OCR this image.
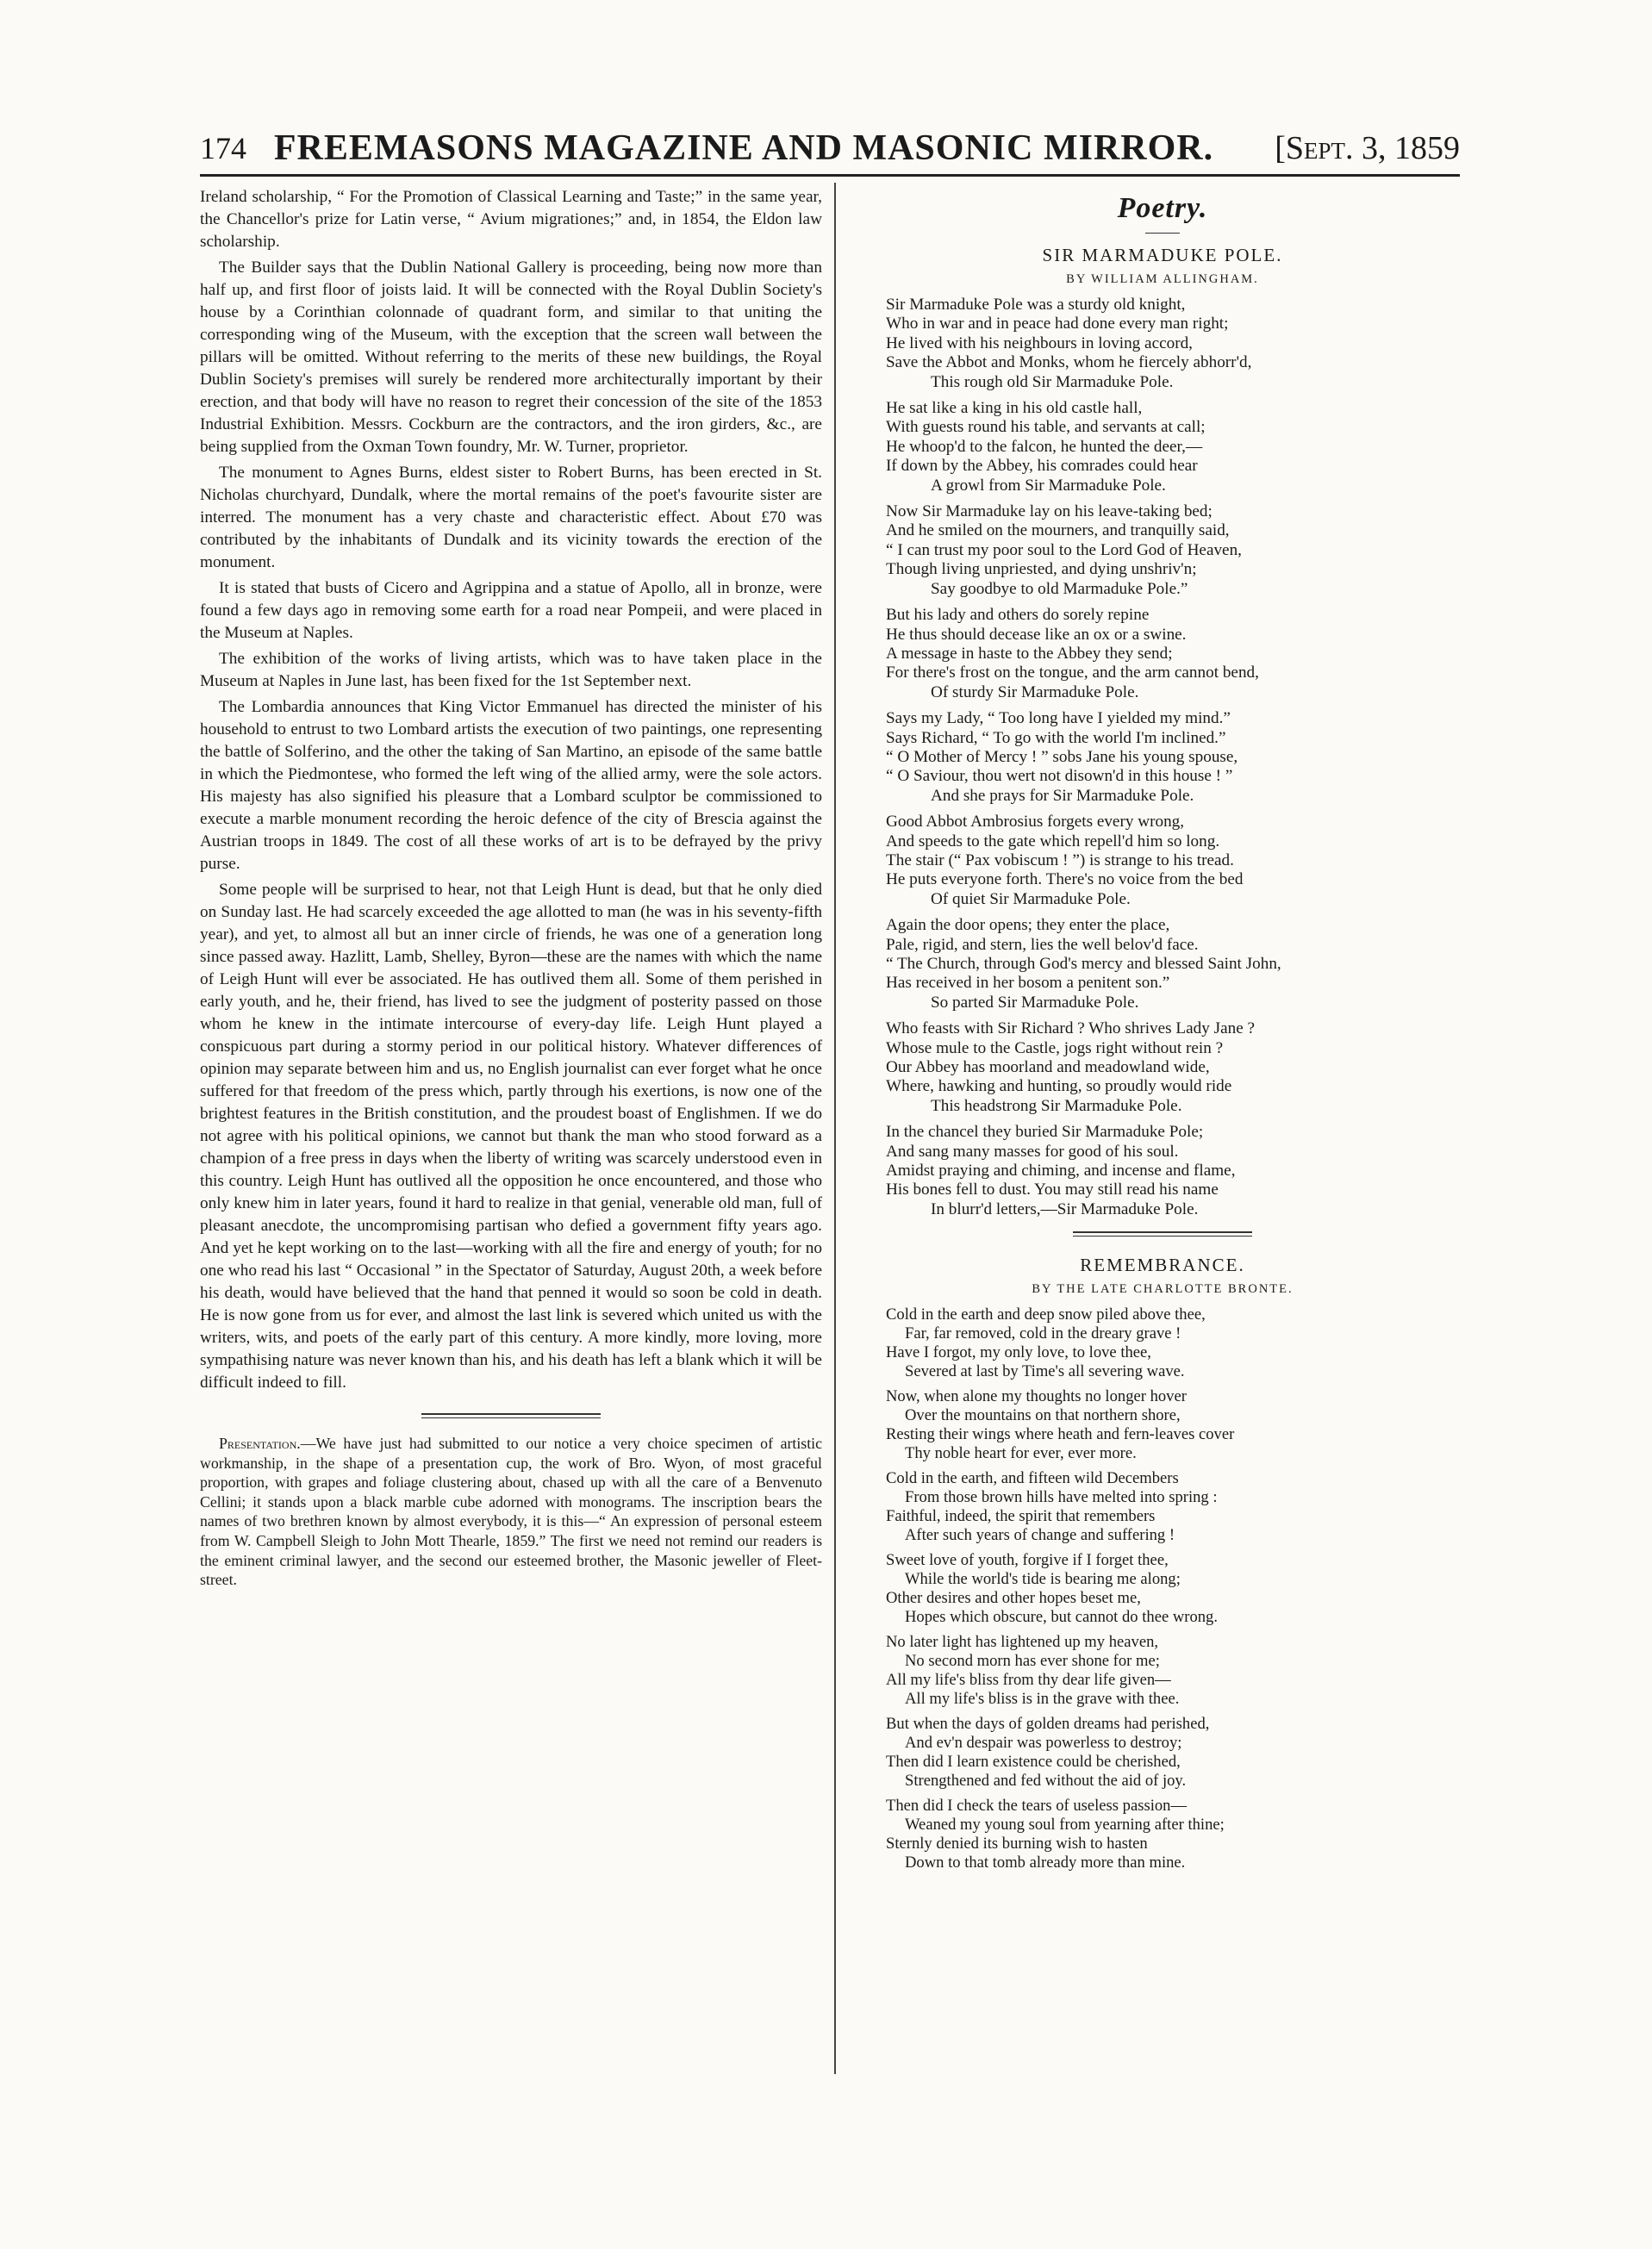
174 FREEMASONS MAGAZINE AND MASONIC MIRROR.	[Sept. 3, 1859

Ireland scholarship, “ For the Promotion of Classical Learning and Taste;” in the same year, the Chancellor's prize for Latin verse, “ Avium migrationes;” and, in 1854, the Eldon law scholarship.

The Builder says that the Dublin National Gallery is proceeding, being now more than half up, and first floor of joists laid. It will be connected with the Royal Dublin Society's house by a Corinthian colonnade of quadrant form, and similar to that uniting the corresponding wing of the Museum, with the exception that the screen wall between the pillars will be omitted. Without referring to the merits of these new buildings, the Royal Dublin Society's premises will surely be rendered more architecturally important by their erection, and that body will have no reason to regret their concession of the site of the 1853 Industrial Exhibition. Messrs. Cockburn are the contractors, and the iron girders, &c., are being supplied from the Oxman Town foundry, Mr. W. Turner, proprietor.

The monument to Agnes Burns, eldest sister to Robert Burns, has been erected in St. Nicholas churchyard, Dundalk, where the mortal remains of the poet's favourite sister are interred. The monument has a very chaste and characteristic effect. About £70 was contributed by the inhabitants of Dundalk and its vicinity towards the erection of the monument.

It is stated that busts of Cicero and Agrippina and a statue of Apollo, all in bronze, were found a few days ago in removing some earth for a road near Pompeii, and were placed in the Museum at Naples.

The exhibition of the works of living artists, which was to have taken place in the Museum at Naples in June last, has been fixed for the 1st September next.

The Lombardia announces that King Victor Emmanuel has directed the minister of his household to entrust to two Lombard artists the execution of two paintings, one representing the battle of Solferino, and the other the taking of San Martino, an episode of the same battle in which the Piedmontese, who formed the left wing of the allied army, were the sole actors. His majesty has also signified his pleasure that a Lombard sculptor be commissioned to execute a marble monument recording the heroic defence of the city of Brescia against the Austrian troops in 1849. The cost of all these works of art is to be defrayed by the privy purse.

Some people will be surprised to hear, not that Leigh Hunt is dead, but that he only died on Sunday last. He had scarcely exceeded the age allotted to man (he was in his seventy-fifth year), and yet, to almost all but an inner circle of friends, he was one of a generation long since passed away. Hazlitt, Lamb, Shelley, Byron—these are the names with which the name of Leigh Hunt will ever be associated. He has outlived them all. Some of them perished in early youth, and he, their friend, has lived to see the judgment of posterity passed on those whom he knew in the intimate intercourse of every-day life. Leigh Hunt played a conspicuous part during a stormy period in our political history. Whatever differences of opinion may separate between him and us, no English journalist can ever forget what he once suffered for that freedom of the press which, partly through his exertions, is now one of the brightest features in the British constitution, and the proudest boast of Englishmen. If we do not agree with his political opinions, we cannot but thank the man who stood forward as a champion of a free press in days when the liberty of writing was scarcely understood even in this country. Leigh Hunt has outlived all the opposition he once encountered, and those who only knew him in later years, found it hard to realize in that genial, venerable old man, full of pleasant anecdote, the uncompromising partisan who defied a government fifty years ago. And yet he kept working on to the last—working with all the fire and energy of youth; for no one who read his last “ Occasional ” in the Spectator of Saturday, August 20th, a week before his death, would have believed that the hand that penned it would so soon be cold in death. He is now gone from us for ever, and almost the last link is severed which united us with the writers, wits, and poets of the early part of this century. A more kindly, more loving, more sympathising nature was never known than his, and his death has left a blank which it will be difficult indeed to fill.

Presentation.—We have just had submitted to our notice a very choice specimen of artistic workmanship, in the shape of a presentation cup, the work of Bro. Wyon, of most graceful proportion, with grapes and foliage clustering about, chased up with all the care of a Benvenuto Cellini; it stands upon a black marble cube adorned with monograms. The inscription bears the names of two brethren known by almost everybody, it is this—“ An expression of personal esteem from W. Campbell Sleigh to John Mott Thearle, 1859.” The first we need not remind our readers is the eminent criminal lawyer, and the second our esteemed brother, the Masonic jeweller of Fleet-street.

Poetry.
SIR MARMADUKE POLE.
BY WILLIAM ALLINGHAM.
Sir Marmaduke Pole was a sturdy old knight,
Who in war and in peace had done every man right;
He lived with his neighbours in loving accord,
Save the Abbot and Monks, whom he fiercely abhorr'd,
This rough old Sir Marmaduke Pole.
He sat like a king in his old castle hall,
With guests round his table, and servants at call;
He whoop'd to the falcon, he hunted the deer,—
If down by the Abbey, his comrades could hear
A growl from Sir Marmaduke Pole.
Now Sir Marmaduke lay on his leave-taking bed;
And he smiled on the mourners, and tranquilly said,
“ I can trust my poor soul to the Lord God of Heaven,
Though living unpriested, and dying unshriv'n;
Say goodbye to old Marmaduke Pole.”
But his lady and others do sorely repine
He thus should decease like an ox or a swine.
A message in haste to the Abbey they send;
For there's frost on the tongue, and the arm cannot bend,
Of sturdy Sir Marmaduke Pole.
Says my Lady, “ Too long have I yielded my mind.”
Says Richard, “ To go with the world I'm inclined.”
“ O Mother of Mercy ! ” sobs Jane his young spouse,
“ O Saviour, thou wert not disown'd in this house ! ”
And she prays for Sir Marmaduke Pole.
Good Abbot Ambrosius forgets every wrong,
And speeds to the gate which repell'd him so long.
The stair (“ Pax vobiscum ! ”) is strange to his tread.
He puts everyone forth. There's no voice from the bed
Of quiet Sir Marmaduke Pole.
Again the door opens; they enter the place,
Pale, rigid, and stern, lies the well belov'd face.
“ The Church, through God's mercy and blessed Saint John,
Has received in her bosom a penitent son.”
So parted Sir Marmaduke Pole.
Who feasts with Sir Richard ? Who shrives Lady Jane ?
Whose mule to the Castle, jogs right without rein ?
Our Abbey has moorland and meadowland wide,
Where, hawking and hunting, so proudly would ride
This headstrong Sir Marmaduke Pole.
In the chancel they buried Sir Marmaduke Pole;
And sang many masses for good of his soul.
Amidst praying and chiming, and incense and flame,
His bones fell to dust. You may still read his name
In blurr'd letters,—Sir Marmaduke Pole.
REMEMBRANCE.
BY THE LATE CHARLOTTE BRONTE.
Cold in the earth and deep snow piled above thee,
Far, far removed, cold in the dreary grave !
Have I forgot, my only love, to love thee,
Severed at last by Time's all severing wave.
Now, when alone my thoughts no longer hover
Over the mountains on that northern shore,
Resting their wings where heath and fern-leaves cover
Thy noble heart for ever, ever more.
Cold in the earth, and fifteen wild Decembers
From those brown hills have melted into spring :
Faithful, indeed, the spirit that remembers
After such years of change and suffering !
Sweet love of youth, forgive if I forget thee,
While the world's tide is bearing me along;
Other desires and other hopes beset me,
Hopes which obscure, but cannot do thee wrong.
No later light has lightened up my heaven,
No second morn has ever shone for me;
All my life's bliss from thy dear life given—
All my life's bliss is in the grave with thee.
But when the days of golden dreams had perished,
And ev'n despair was powerless to destroy;
Then did I learn existence could be cherished,
Strengthened and fed without the aid of joy.
Then did I check the tears of useless passion—
Weaned my young soul from yearning after thine;
Sternly denied its burning wish to hasten
Down to that tomb already more than mine.
